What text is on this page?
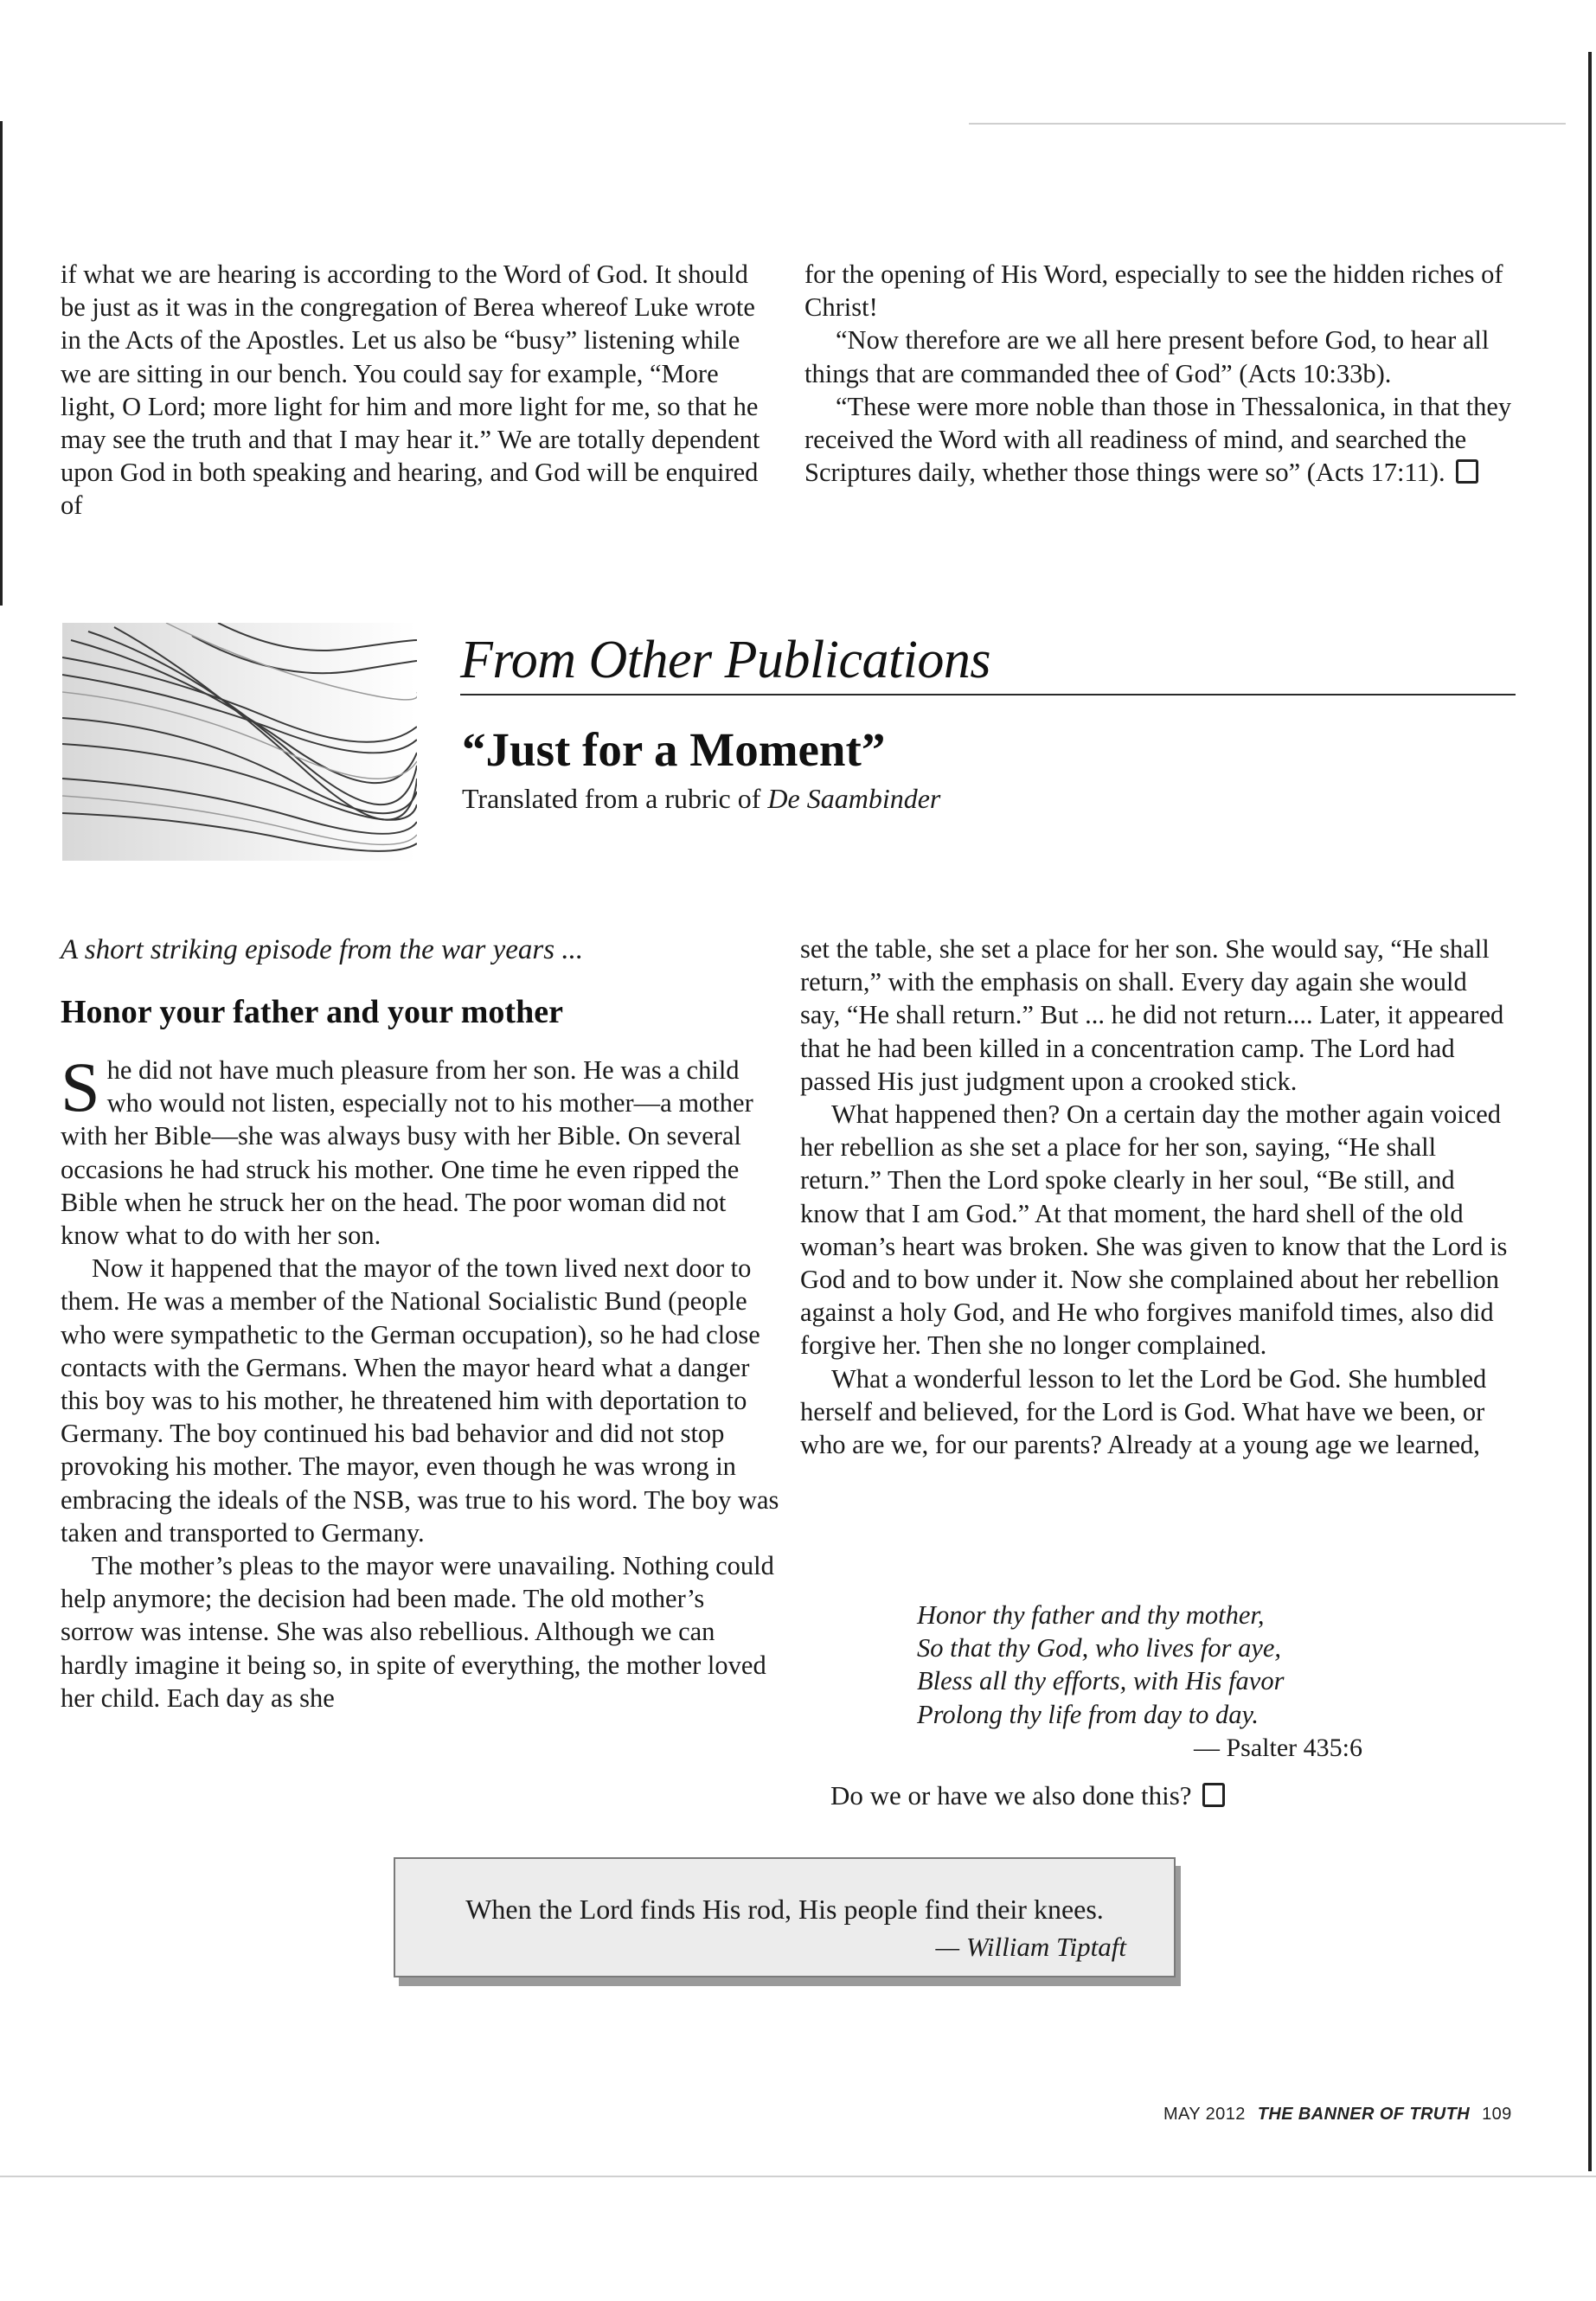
if what we are hearing is according to the Word of God. It should be just as it was in the congregation of Berea whereof Luke wrote in the Acts of the Apostles. Let us also be “busy” listening while we are sitting in our bench. You could say for example, “More light, O Lord; more light for him and more light for me, so that he may see the truth and that I may hear it.” We are totally dependent upon God in both speaking and hearing, and God will be enquired of

for the opening of His Word, especially to see the hidden riches of Christ!

“Now therefore are we all here present before God, to hear all things that are commanded thee of God” (Acts 10:33b).

“These were more noble than those in Thessalonica, in that they received the Word with all readiness of mind, and searched the Scriptures daily, whether those things were so” (Acts 17:11).

From Other Publications
“Just for a Moment”
Translated from a rubric of De Saambinder
A short striking episode from the war years ...
Honor your father and your mother

She did not have much pleasure from her son. He was a child who would not listen, especially not to his mother—a mother with her Bible—she was always busy with her Bible. On several occasions he had struck his mother. One time he even ripped the Bible when he struck her on the head. The poor woman did not know what to do with her son.

Now it happened that the mayor of the town lived next door to them. He was a member of the National Socialistic Bund (people who were sympathetic to the German occupation), so he had close contacts with the Germans. When the mayor heard what a danger this boy was to his mother, he threatened him with deportation to Germany. The boy continued his bad behavior and did not stop provoking his mother. The mayor, even though he was wrong in embracing the ideals of the NSB, was true to his word. The boy was taken and transported to Germany.

The mother’s pleas to the mayor were unavailing. Nothing could help anymore; the decision had been made. The old mother’s sorrow was intense. She was also rebellious. Although we can hardly imagine it being so, in spite of everything, the mother loved her child. Each day as she

set the table, she set a place for her son. She would say, “He shall return,” with the emphasis on shall. Every day again she would say, “He shall return.” But ... he did not return.... Later, it appeared that he had been killed in a concentration camp. The Lord had passed His just judgment upon a crooked stick.

What happened then? On a certain day the mother again voiced her rebellion as she set a place for her son, saying, “He shall return.” Then the Lord spoke clearly in her soul, “Be still, and know that I am God.” At that moment, the hard shell of the old woman’s heart was broken. She was given to know that the Lord is God and to bow under it. Now she complained about her rebellion against a holy God, and He who forgives manifold times, also did forgive her. Then she no longer complained.

What a wonderful lesson to let the Lord be God. She humbled herself and believed, for the Lord is God. What have we been, or who are we, for our parents? Already at a young age we learned,

Honor thy father and thy mother,
So that thy God, who lives for aye,
Bless all thy efforts, with His favor
Prolong thy life from day to day.
— Psalter 435:6
Do we or have we also done this?
When the Lord finds His rod, His people find their knees.
— William Tiptaft
MAY 2012 THE BANNER OF TRUTH 109
